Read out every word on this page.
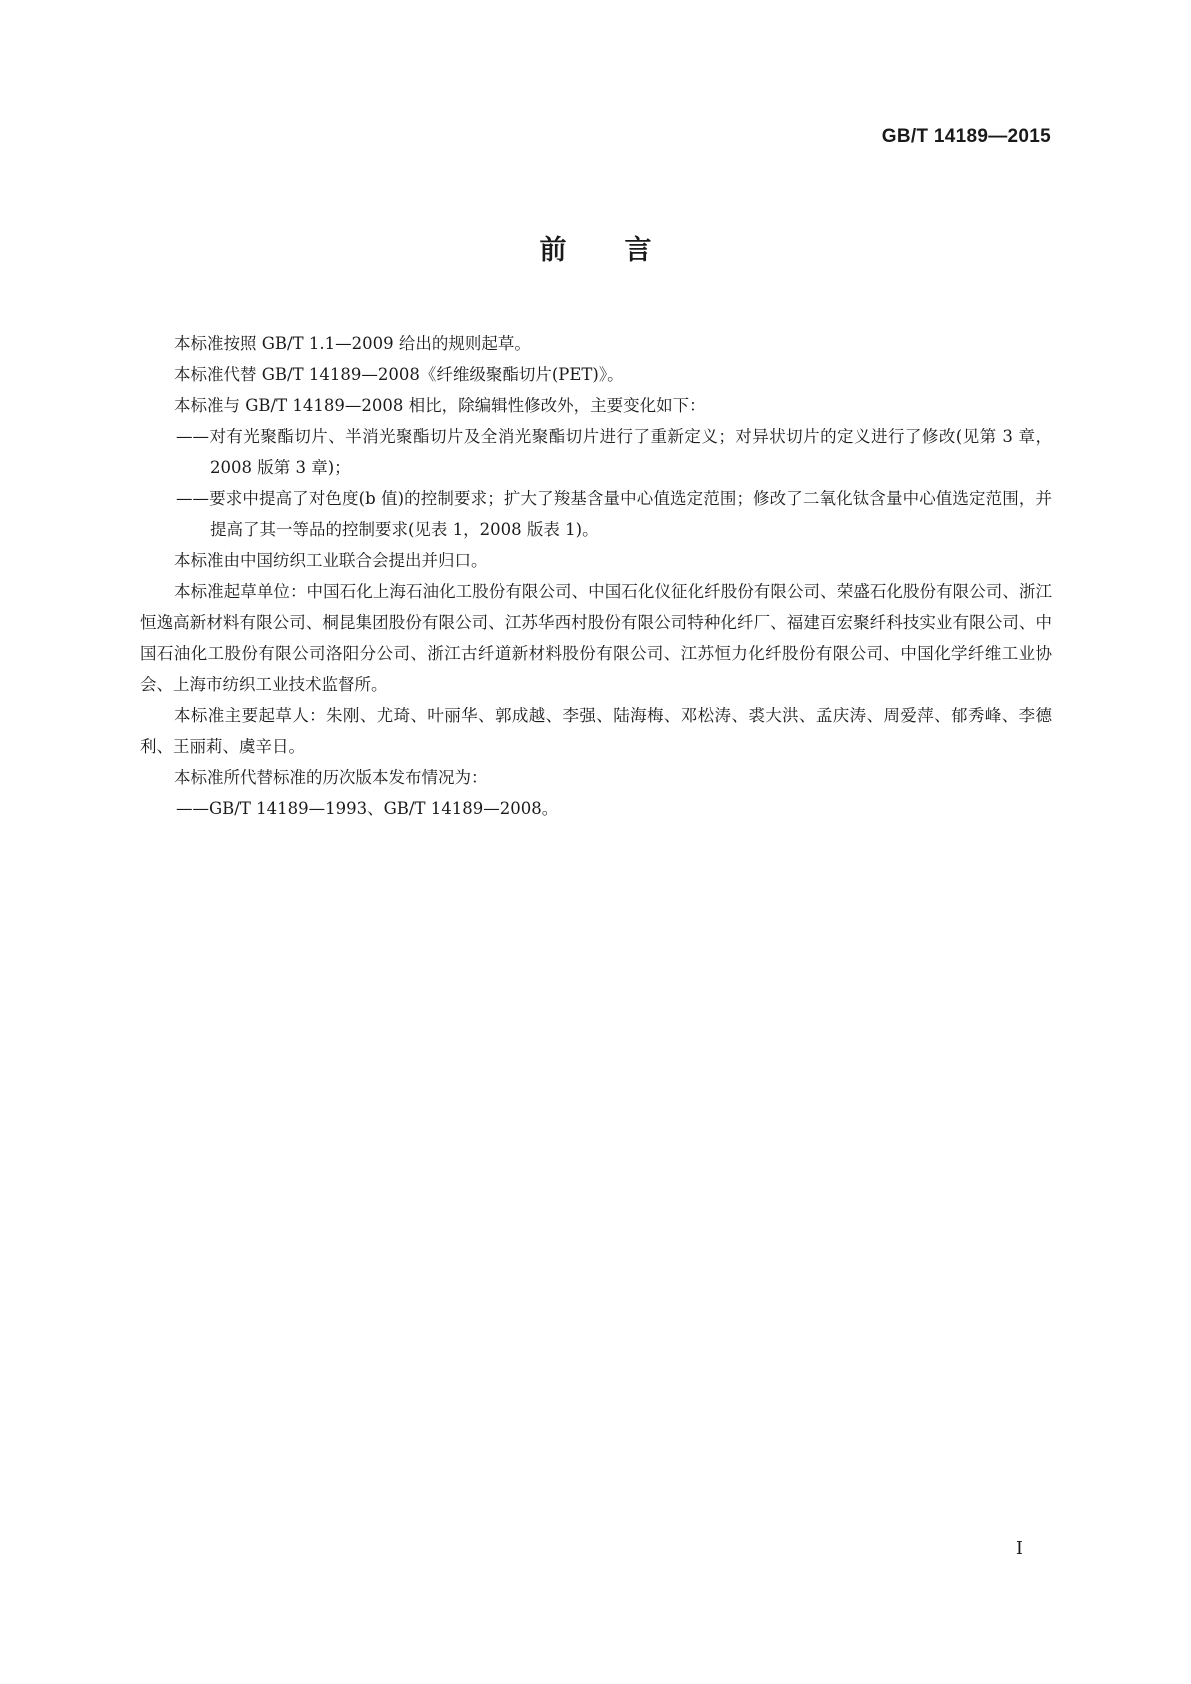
GB/T 14189—2015
前言

本标准按照 GB/T 1.1—2009 给出的规则起草。

本标准代替 GB/T 14189—2008《纤维级聚酯切片(PET)》。

本标准与 GB/T 14189—2008 相比，除编辑性修改外，主要变化如下：

——对有光聚酯切片、半消光聚酯切片及全消光聚酯切片进行了重新定义；对异状切片的定义进行了修改(见第 3 章，2008 版第 3 章)；

——要求中提高了对色度(b 值)的控制要求；扩大了羧基含量中心值选定范围；修改了二氧化钛含量中心值选定范围，并提高了其一等品的控制要求(见表 1，2008 版表 1)。

本标准由中国纺织工业联合会提出并归口。

本标准起草单位：中国石化上海石油化工股份有限公司、中国石化仪征化纤股份有限公司、荣盛石化股份有限公司、浙江恒逸高新材料有限公司、桐昆集团股份有限公司、江苏华西村股份有限公司特种化纤厂、福建百宏聚纤科技实业有限公司、中国石油化工股份有限公司洛阳分公司、浙江古纤道新材料股份有限公司、江苏恒力化纤股份有限公司、中国化学纤维工业协会、上海市纺织工业技术监督所。

本标准主要起草人：朱刚、尤琦、叶丽华、郭成越、李强、陆海梅、邓松涛、裘大洪、孟庆涛、周爱萍、郁秀峰、李德利、王丽莉、虞辛日。

本标准所代替标准的历次版本发布情况为：

——GB/T 14189—1993、GB/T 14189—2008。

I
